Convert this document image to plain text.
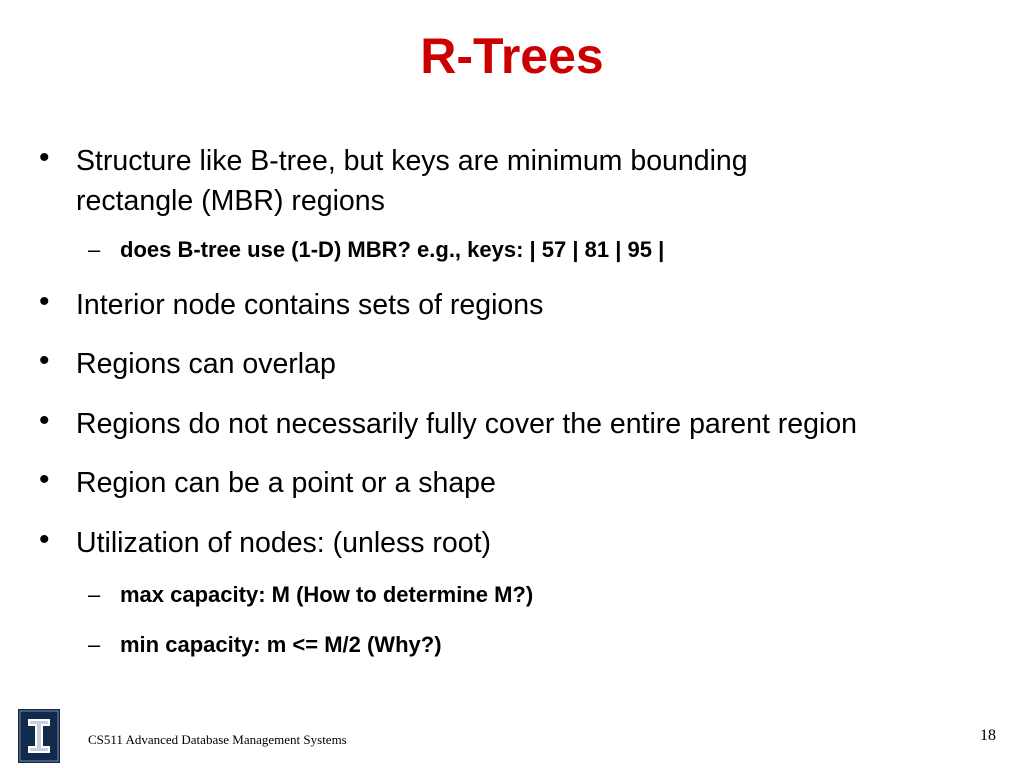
R-Trees
• Structure like B-tree, but keys are minimum bounding
rectangle (MBR) regions
– does B-tree use (1-D) MBR? e.g., keys: | 57 | 81 | 95 |
• Interior node contains sets of regions
• Regions can overlap
• Regions do not necessarily fully cover the entire parent region
• Region can be a point or a shape
• Utilization of nodes: (unless root)
– max capacity: M (How to determine M?)
– min capacity: m <= M/2 (Why?)
CS511 Advanced Database Management Systems	18
